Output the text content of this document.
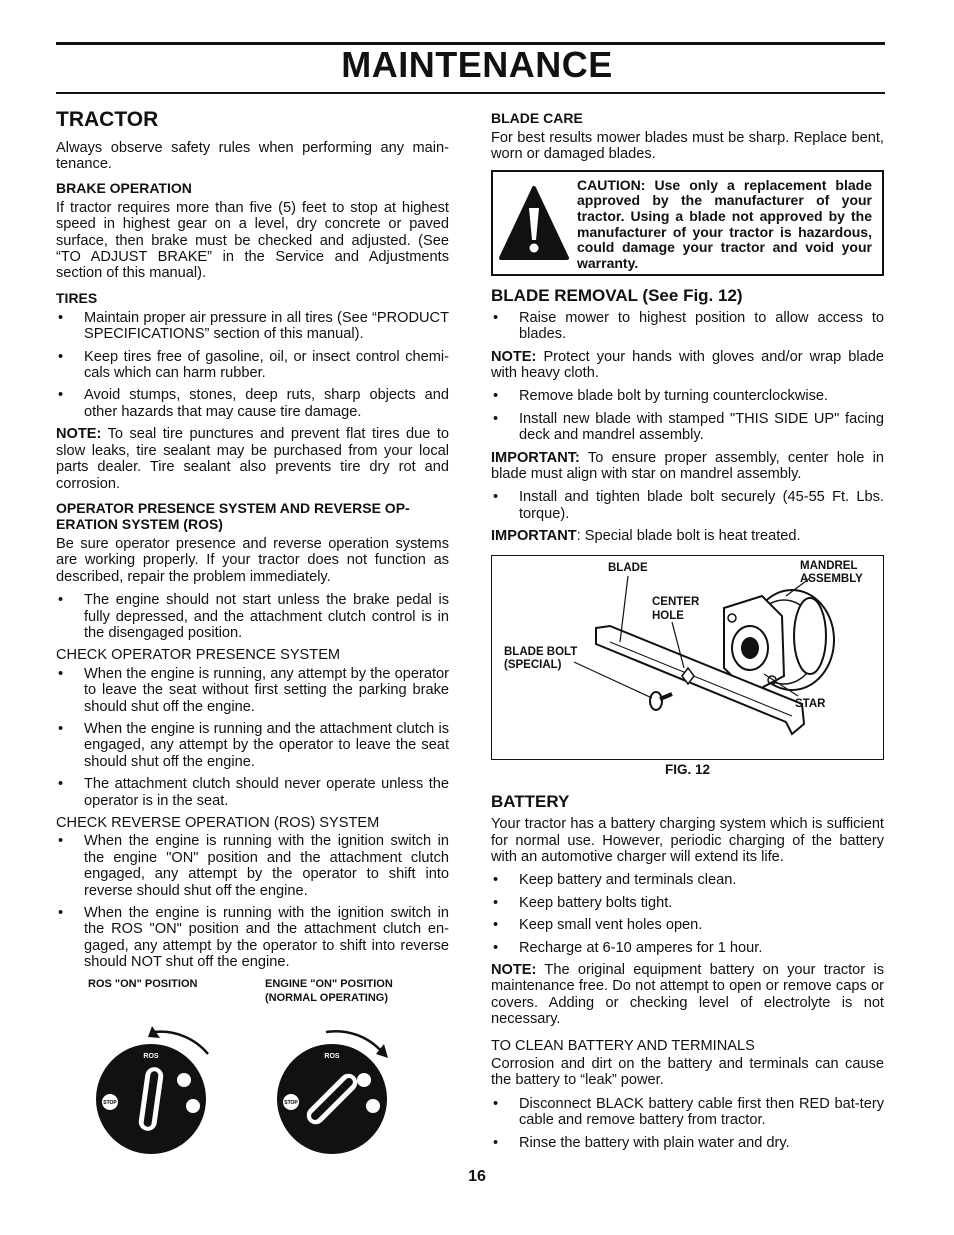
MAINTENANCE
TRACTOR

Always observe safety rules when performing any main-tenance.

BRAKE OPERATION

If tractor requires more than five (5) feet to stop at highest speed in highest gear on a level, dry concrete or paved surface, then brake must be checked and adjusted. (See “TO ADJUST BRAKE” in the Service and Adjustments section of this manual).

TIRES
• Maintain proper air pressure in all tires (See “PRODUCT SPECIFICATIONS” section of this manual).
• Keep tires free of gasoline, oil, or insect control chemi-cals which can harm rubber.
• Avoid stumps, stones, deep ruts, sharp objects and other hazards that may cause tire damage.

NOTE: To seal tire punctures and prevent flat tires due to slow leaks, tire sealant may be purchased from your local parts dealer. Tire sealant also prevents tire dry rot and corrosion.

OPERATOR PRESENCE SYSTEM AND REVERSE OP-ERATION SYSTEM (ROS)

Be sure operator presence and reverse operation systems are working properly. If your tractor does not function as described, repair the problem immediately.

• The engine should not start unless the brake pedal is fully depressed, and the attachment clutch control is in the disengaged position.

CHECK OPERATOR PRESENCE SYSTEM

• When the engine is running, any attempt by the operator to leave the seat without first setting the parking brake should shut off the engine.
• When the engine is running and the attachment clutch is engaged, any attempt by the operator to leave the seat should shut off the engine.
• The attachment clutch should never operate unless the operator is in the seat.

CHECK REVERSE OPERATION (ROS) SYSTEM

• When the engine is running with the ignition switch in the engine "ON" position and the attachment clutch engaged, any attempt by the operator to shift into reverse should shut off the engine.
• When the engine is running with the ignition switch in the ROS "ON" position and the attachment clutch en-gaged, any attempt by the operator to shift into reverse should NOT shut off the engine.
ROS "ON" POSITION	ENGINE "ON" POSITION
(NORMAL OPERATING)
STOP
ROS
STOP
ROS
BLADE CARE

For best results mower blades must be sharp. Replace bent, worn or damaged blades.

CAUTION: Use only a replacement blade approved by the manufacturer of your tractor. Using a blade not approved by the manufacturer of your tractor is hazardous, could damage your tractor and void your warranty.
BLADE REMOVAL (See Fig. 12)
• Raise mower to highest position to allow access to blades.

NOTE: Protect your hands with gloves and/or wrap blade with heavy cloth.

• Remove blade bolt by turning counterclockwise.
• Install new blade with stamped "THIS SIDE UP" facing deck and mandrel assembly.

IMPORTANT: To ensure proper assembly, center hole in blade must align with star on mandrel assembly.

• Install and tighten blade bolt securely (45-55 Ft. Lbs. torque).

IMPORTANT: Special blade bolt is heat treated.

BLADE	MANDREL
ASSEMBLY
CENTER
HOLE
BLADE BOLT
(SPECIAL)
STAR
FIG. 12
BATTERY

Your tractor has a battery charging system which is sufficient for normal use. However, periodic charging of the battery with an automotive charger will extend its life.

• Keep battery and terminals clean.
• Keep battery bolts tight.
• Keep small vent holes open.
• Recharge at 6-10 amperes for 1 hour.

NOTE: The original equipment battery on your tractor is maintenance free. Do not attempt to open or remove caps or covers. Adding or checking level of electrolyte is not necessary.

TO CLEAN BATTERY AND TERMINALS

Corrosion and dirt on the battery and terminals can cause the battery to “leak” power.

• Disconnect BLACK battery cable first then RED bat-tery cable and remove battery from tractor.
• Rinse the battery with plain water and dry.
16
